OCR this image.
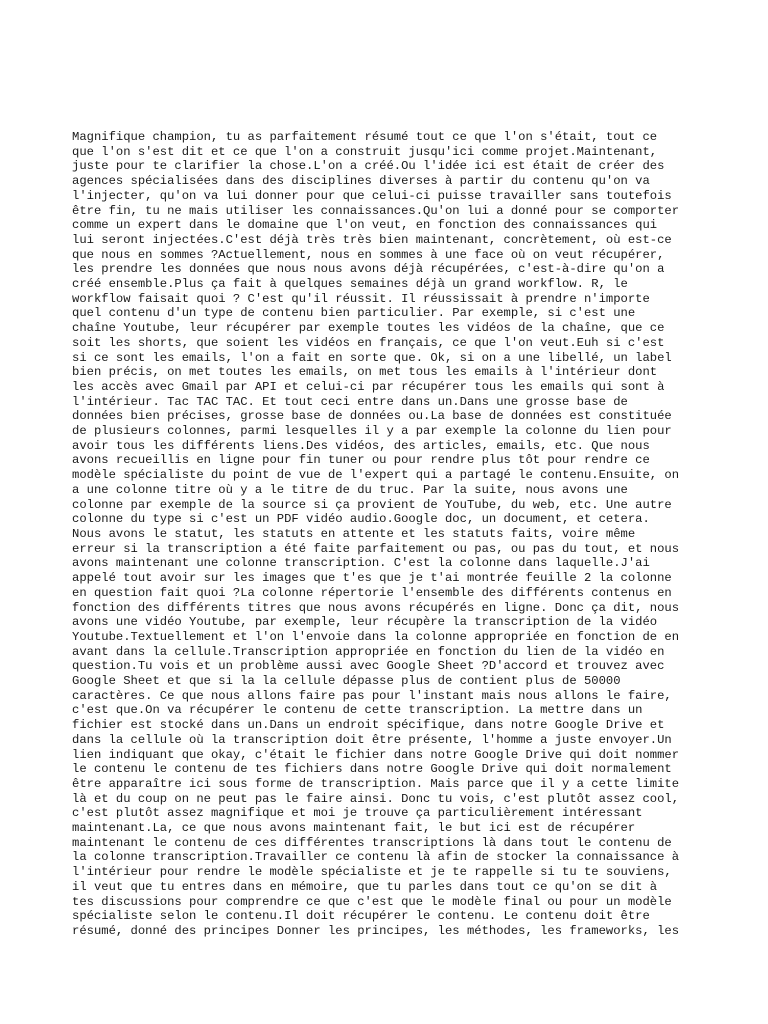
Magnifique champion, tu as parfaitement résumé tout ce que l'on s'était, tout ce
que l'on s'est dit et ce que l'on a construit jusqu'ici comme projet.Maintenant,
juste pour te clarifier la chose.L'on a créé.Ou l'idée ici est était de créer des
agences spécialisées dans des disciplines diverses à partir du contenu qu'on va
l'injecter, qu'on va lui donner pour que celui-ci puisse travailler sans toutefois
être fin, tu ne mais utiliser les connaissances.Qu'on lui a donné pour se comporter
comme un expert dans le domaine que l'on veut, en fonction des connaissances qui
lui seront injectées.C'est déjà très très bien maintenant, concrètement, où est-ce
que nous en sommes ?Actuellement, nous en sommes à une face où on veut récupérer,
les prendre les données que nous nous avons déjà récupérées, c'est-à-dire qu'on a
créé ensemble.Plus ça fait à quelques semaines déjà un grand workflow. R, le
workflow faisait quoi ? C'est qu'il réussit. Il réussissait à prendre n'importe
quel contenu d'un type de contenu bien particulier. Par exemple, si c'est une
chaîne Youtube, leur récupérer par exemple toutes les vidéos de la chaîne, que ce
soit les shorts, que soient les vidéos en français, ce que l'on veut.Euh si c'est
si ce sont les emails, l'on a fait en sorte que. Ok, si on a une libellé, un label
bien précis, on met toutes les emails, on met tous les emails à l'intérieur dont
les accès avec Gmail par API et celui-ci par récupérer tous les emails qui sont à
l'intérieur. Tac TAC TAC. Et tout ceci entre dans un.Dans une grosse base de
données bien précises, grosse base de données ou.La base de données est constituée
de plusieurs colonnes, parmi lesquelles il y a par exemple la colonne du lien pour
avoir tous les différents liens.Des vidéos, des articles, emails, etc. Que nous
avons recueillis en ligne pour fin tuner ou pour rendre plus tôt pour rendre ce
modèle spécialiste du point de vue de l'expert qui a partagé le contenu.Ensuite, on
a une colonne titre où y a le titre de du truc. Par la suite, nous avons une
colonne par exemple de la source si ça provient de YouTube, du web, etc. Une autre
colonne du type si c'est un PDF vidéo audio.Google doc, un document, et cetera.
Nous avons le statut, les statuts en attente et les statuts faits, voire même
erreur si la transcription a été faite parfaitement ou pas, ou pas du tout, et nous
avons maintenant une colonne transcription. C'est la colonne dans laquelle.J'ai
appelé tout avoir sur les images que t'es que je t'ai montrée feuille 2 la colonne
en question fait quoi ?La colonne répertorie l'ensemble des différents contenus en
fonction des différents titres que nous avons récupérés en ligne. Donc ça dit, nous
avons une vidéo Youtube, par exemple, leur récupère la transcription de la vidéo
Youtube.Textuellement et l'on l'envoie dans la colonne appropriée en fonction de en
avant dans la cellule.Transcription appropriée en fonction du lien de la vidéo en
question.Tu vois et un problème aussi avec Google Sheet ?D'accord et trouvez avec
Google Sheet et que si la la cellule dépasse plus de contient plus de 50000
caractères. Ce que nous allons faire pas pour l'instant mais nous allons le faire,
c'est que.On va récupérer le contenu de cette transcription. La mettre dans un
fichier est stocké dans un.Dans un endroit spécifique, dans notre Google Drive et
dans la cellule où la transcription doit être présente, l'homme a juste envoyer.Un
lien indiquant que okay, c'était le fichier dans notre Google Drive qui doit nommer
le contenu le contenu de tes fichiers dans notre Google Drive qui doit normalement
être apparaître ici sous forme de transcription. Mais parce que il y a cette limite
là et du coup on ne peut pas le faire ainsi. Donc tu vois, c'est plutôt assez cool,
c'est plutôt assez magnifique et moi je trouve ça particulièrement intéressant
maintenant.La, ce que nous avons maintenant fait, le but ici est de récupérer
maintenant le contenu de ces différentes transcriptions là dans tout le contenu de
la colonne transcription.Travailler ce contenu là afin de stocker la connaissance à
l'intérieur pour rendre le modèle spécialiste et je te rappelle si tu te souviens,
il veut que tu entres dans en mémoire, que tu parles dans tout ce qu'on se dit à
tes discussions pour comprendre ce que c'est que le modèle final ou pour un modèle
spécialiste selon le contenu.Il doit récupérer le contenu. Le contenu doit être
résumé, donné des principes Donner les principes, les méthodes, les frameworks, les
